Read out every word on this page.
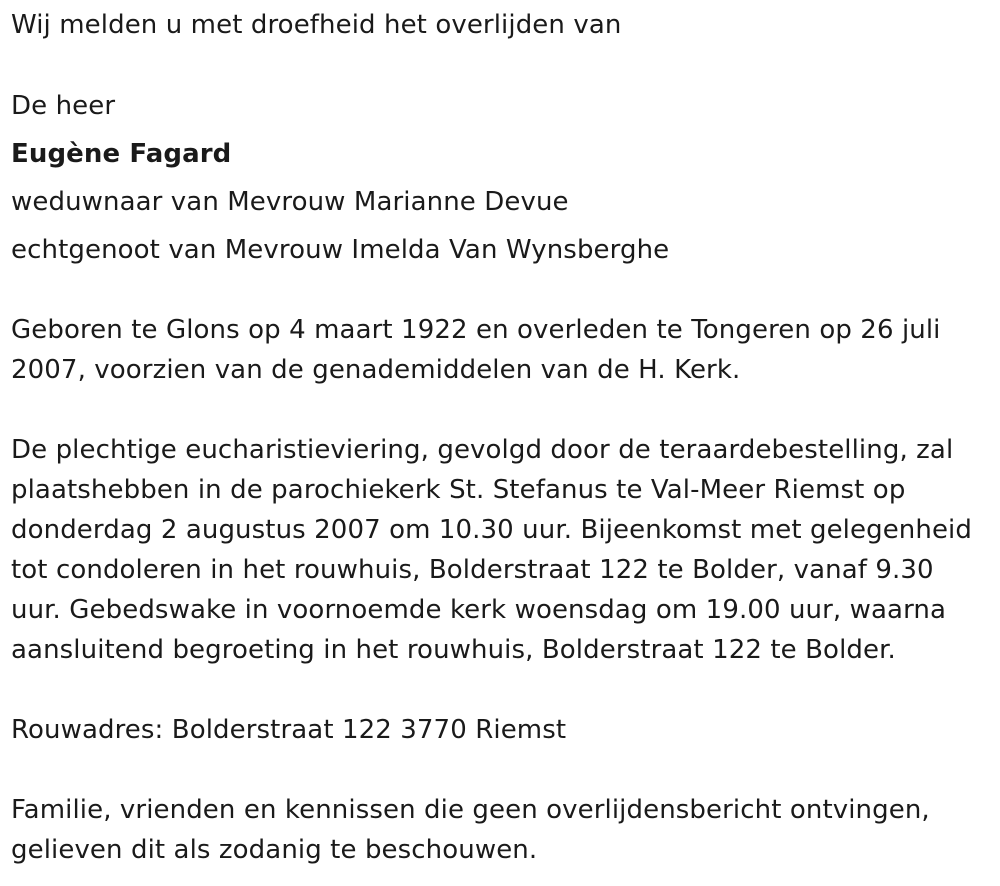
Wij melden u met droefheid het overlijden van
De heer
Eugène Fagard
weduwnaar van Mevrouw Marianne Devue
echtgenoot van Mevrouw Imelda Van Wynsberghe
Geboren te Glons op 4 maart 1922 en overleden te Tongeren op 26 juli 2007, voorzien van de genademiddelen van de H. Kerk.
De plechtige eucharistieviering, gevolgd door de teraardebestelling, zal plaatshebben in de parochiekerk St. Stefanus te Val-Meer Riemst op donderdag 2 augustus 2007 om 10.30 uur. Bijeenkomst met gelegenheid tot condoleren in het rouwhuis, Bolderstraat 122 te Bolder, vanaf 9.30 uur. Gebedswake in voornoemde kerk woensdag om 19.00 uur, waarna aansluitend begroeting in het rouwhuis, Bolderstraat 122 te Bolder.
Rouwadres: Bolderstraat 122 3770 Riemst
Familie, vrienden en kennissen die geen overlijdensbericht ontvingen, gelieven dit als zodanig te beschouwen.
